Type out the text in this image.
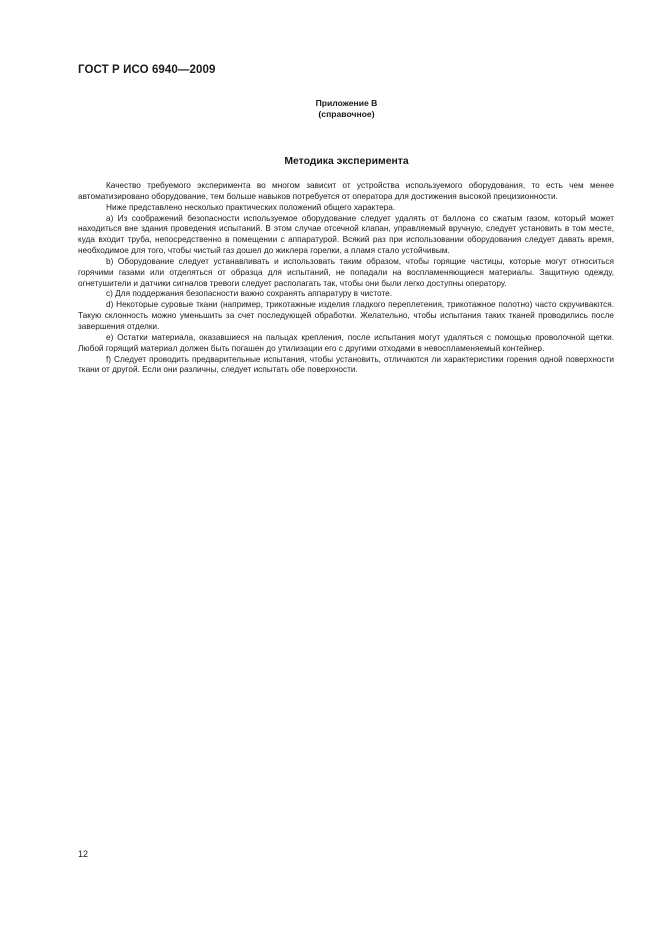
ГОСТ Р ИСО 6940—2009
Приложение В
(справочное)
Методика эксперимента

Качество требуемого эксперимента во многом зависит от устройства используемого оборудования, то есть чем менее автоматизировано оборудование, тем больше навыков потребуется от оператора для достижения высокой прецизионности.

Ниже представлено несколько практических положений общего характера.

а) Из соображений безопасности используемое оборудование следует удалять от баллона со сжатым газом, который может находиться вне здания проведения испытаний. В этом случае отсечной клапан, управляемый вручную, следует установить в том месте, куда входит труба, непосредственно в помещении с аппаратурой. Всякий раз при использовании оборудования следует давать время, необходимое для того, чтобы чистый газ дошел до жиклера горелки, а пламя стало устойчивым.

b) Оборудование следует устанавливать и использовать таким образом, чтобы горящие частицы, которые могут относиться горячими газами или отделяться от образца для испытаний, не попадали на воспламеняющиеся материалы. Защитную одежду, огнетушители и датчики сигналов тревоги следует располагать так, чтобы они были легко доступны оператору.

с) Для поддержания безопасности важно сохранять аппаратуру в чистоте.

d) Некоторые суровые ткани (например, трикотажные изделия гладкого переплетения, трикотажное полотно) часто скручиваются. Такую склонность можно уменьшить за счет последующей обработки. Желательно, чтобы испытания таких тканей проводились после завершения отделки.

е) Остатки материала, оказавшиеся на пальцах крепления, после испытания могут удаляться с помощью проволочной щетки. Любой горящий материал должен быть погашен до утилизации его с другими отходами в невоспламеняемый контейнер.

f) Следует проводить предварительные испытания, чтобы установить, отличаются ли характеристики горения одной поверхности ткани от другой. Если они различны, следует испытать обе поверхности.

12
